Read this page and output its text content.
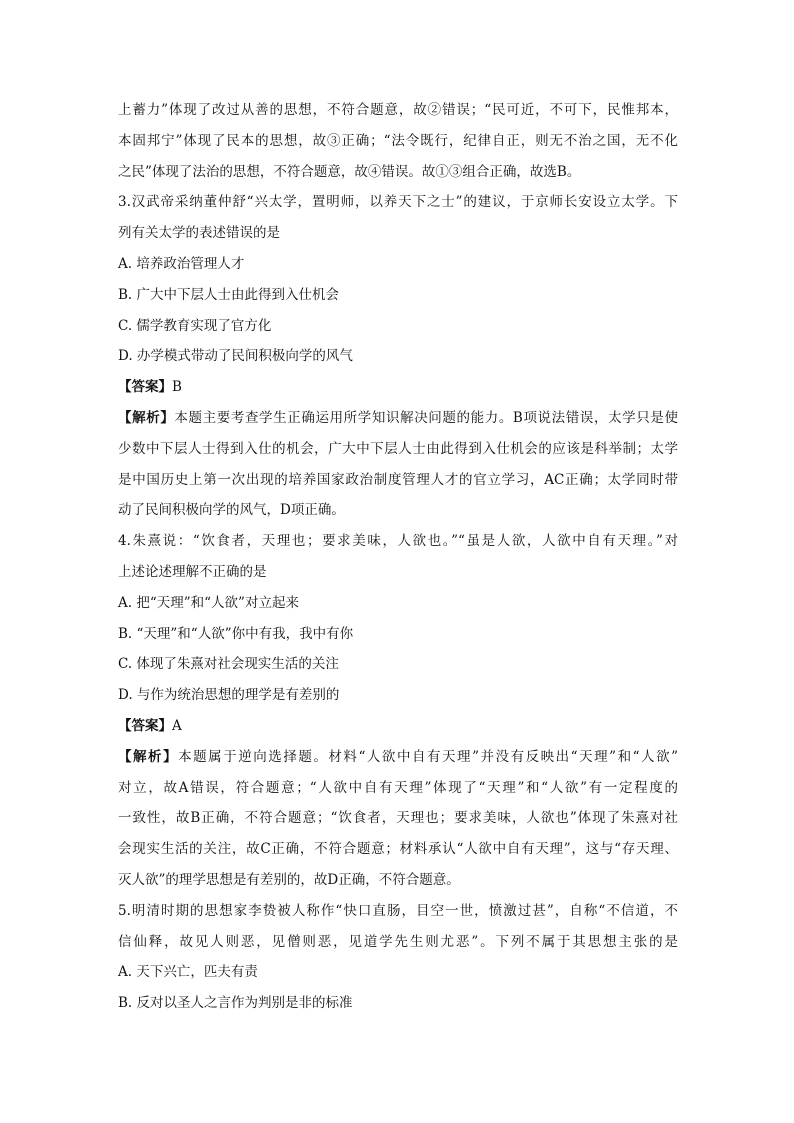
上蓄力”体现了改过从善的思想，不符合题意，故②错误；“民可近，不可下，民惟邦本，
本固邦宁”体现了民本的思想，故③正确；“法令既行，纪律自正，则无不治之国，无不化
之民”体现了法治的思想，不符合题意，故④错误。故①③组合正确，故选B。
3.汉武帝采纳董仲舒“兴太学，置明师，以养天下之士”的建议，于京师长安设立太学。下
列有关太学的表述错误的是
A. 培养政治管理人才
B. 广大中下层人士由此得到入仕机会
C. 儒学教育实现了官方化
D. 办学模式带动了民间积极向学的风气
【答案】B
【解析】本题主要考查学生正确运用所学知识解决问题的能力。B项说法错误，太学只是使
少数中下层人士得到入仕的机会，广大中下层人士由此得到入仕机会的应该是科举制；太学
是中国历史上第一次出现的培养国家政治制度管理人才的官立学习，AC正确；太学同时带
动了民间积极向学的风气，D项正确。
4.朱熹说：“饮食者，天理也；要求美味，人欲也。”“虽是人欲，人欲中自有天理。”对
上述论述理解不正确的是
A. 把“天理”和“人欲”对立起来
B. “天理”和“人欲”你中有我，我中有你
C. 体现了朱熹对社会现实生活的关注
D. 与作为统治思想的理学是有差别的
【答案】A
【解析】本题属于逆向选择题。材料“人欲中自有天理”并没有反映出“天理”和“人欲”
对立，故A错误，符合题意；“人欲中自有天理”体现了“天理”和“人欲”有一定程度的
一致性，故B正确，不符合题意；“饮食者，天理也；要求美味，人欲也”体现了朱熹对社
会现实生活的关注，故C正确，不符合题意；材料承认“人欲中自有天理”，这与“存天理、
灭人欲”的理学思想是有差别的，故D正确，不符合题意。
5.明清时期的思想家李贽被人称作“快口直肠，目空一世，愤激过甚”，自称“不信道，不
信仙释，故见人则恶，见僧则恶，见道学先生则尤恶”。下列不属于其思想主张的是
A. 天下兴亡，匹夫有责
B. 反对以圣人之言作为判别是非的标准
